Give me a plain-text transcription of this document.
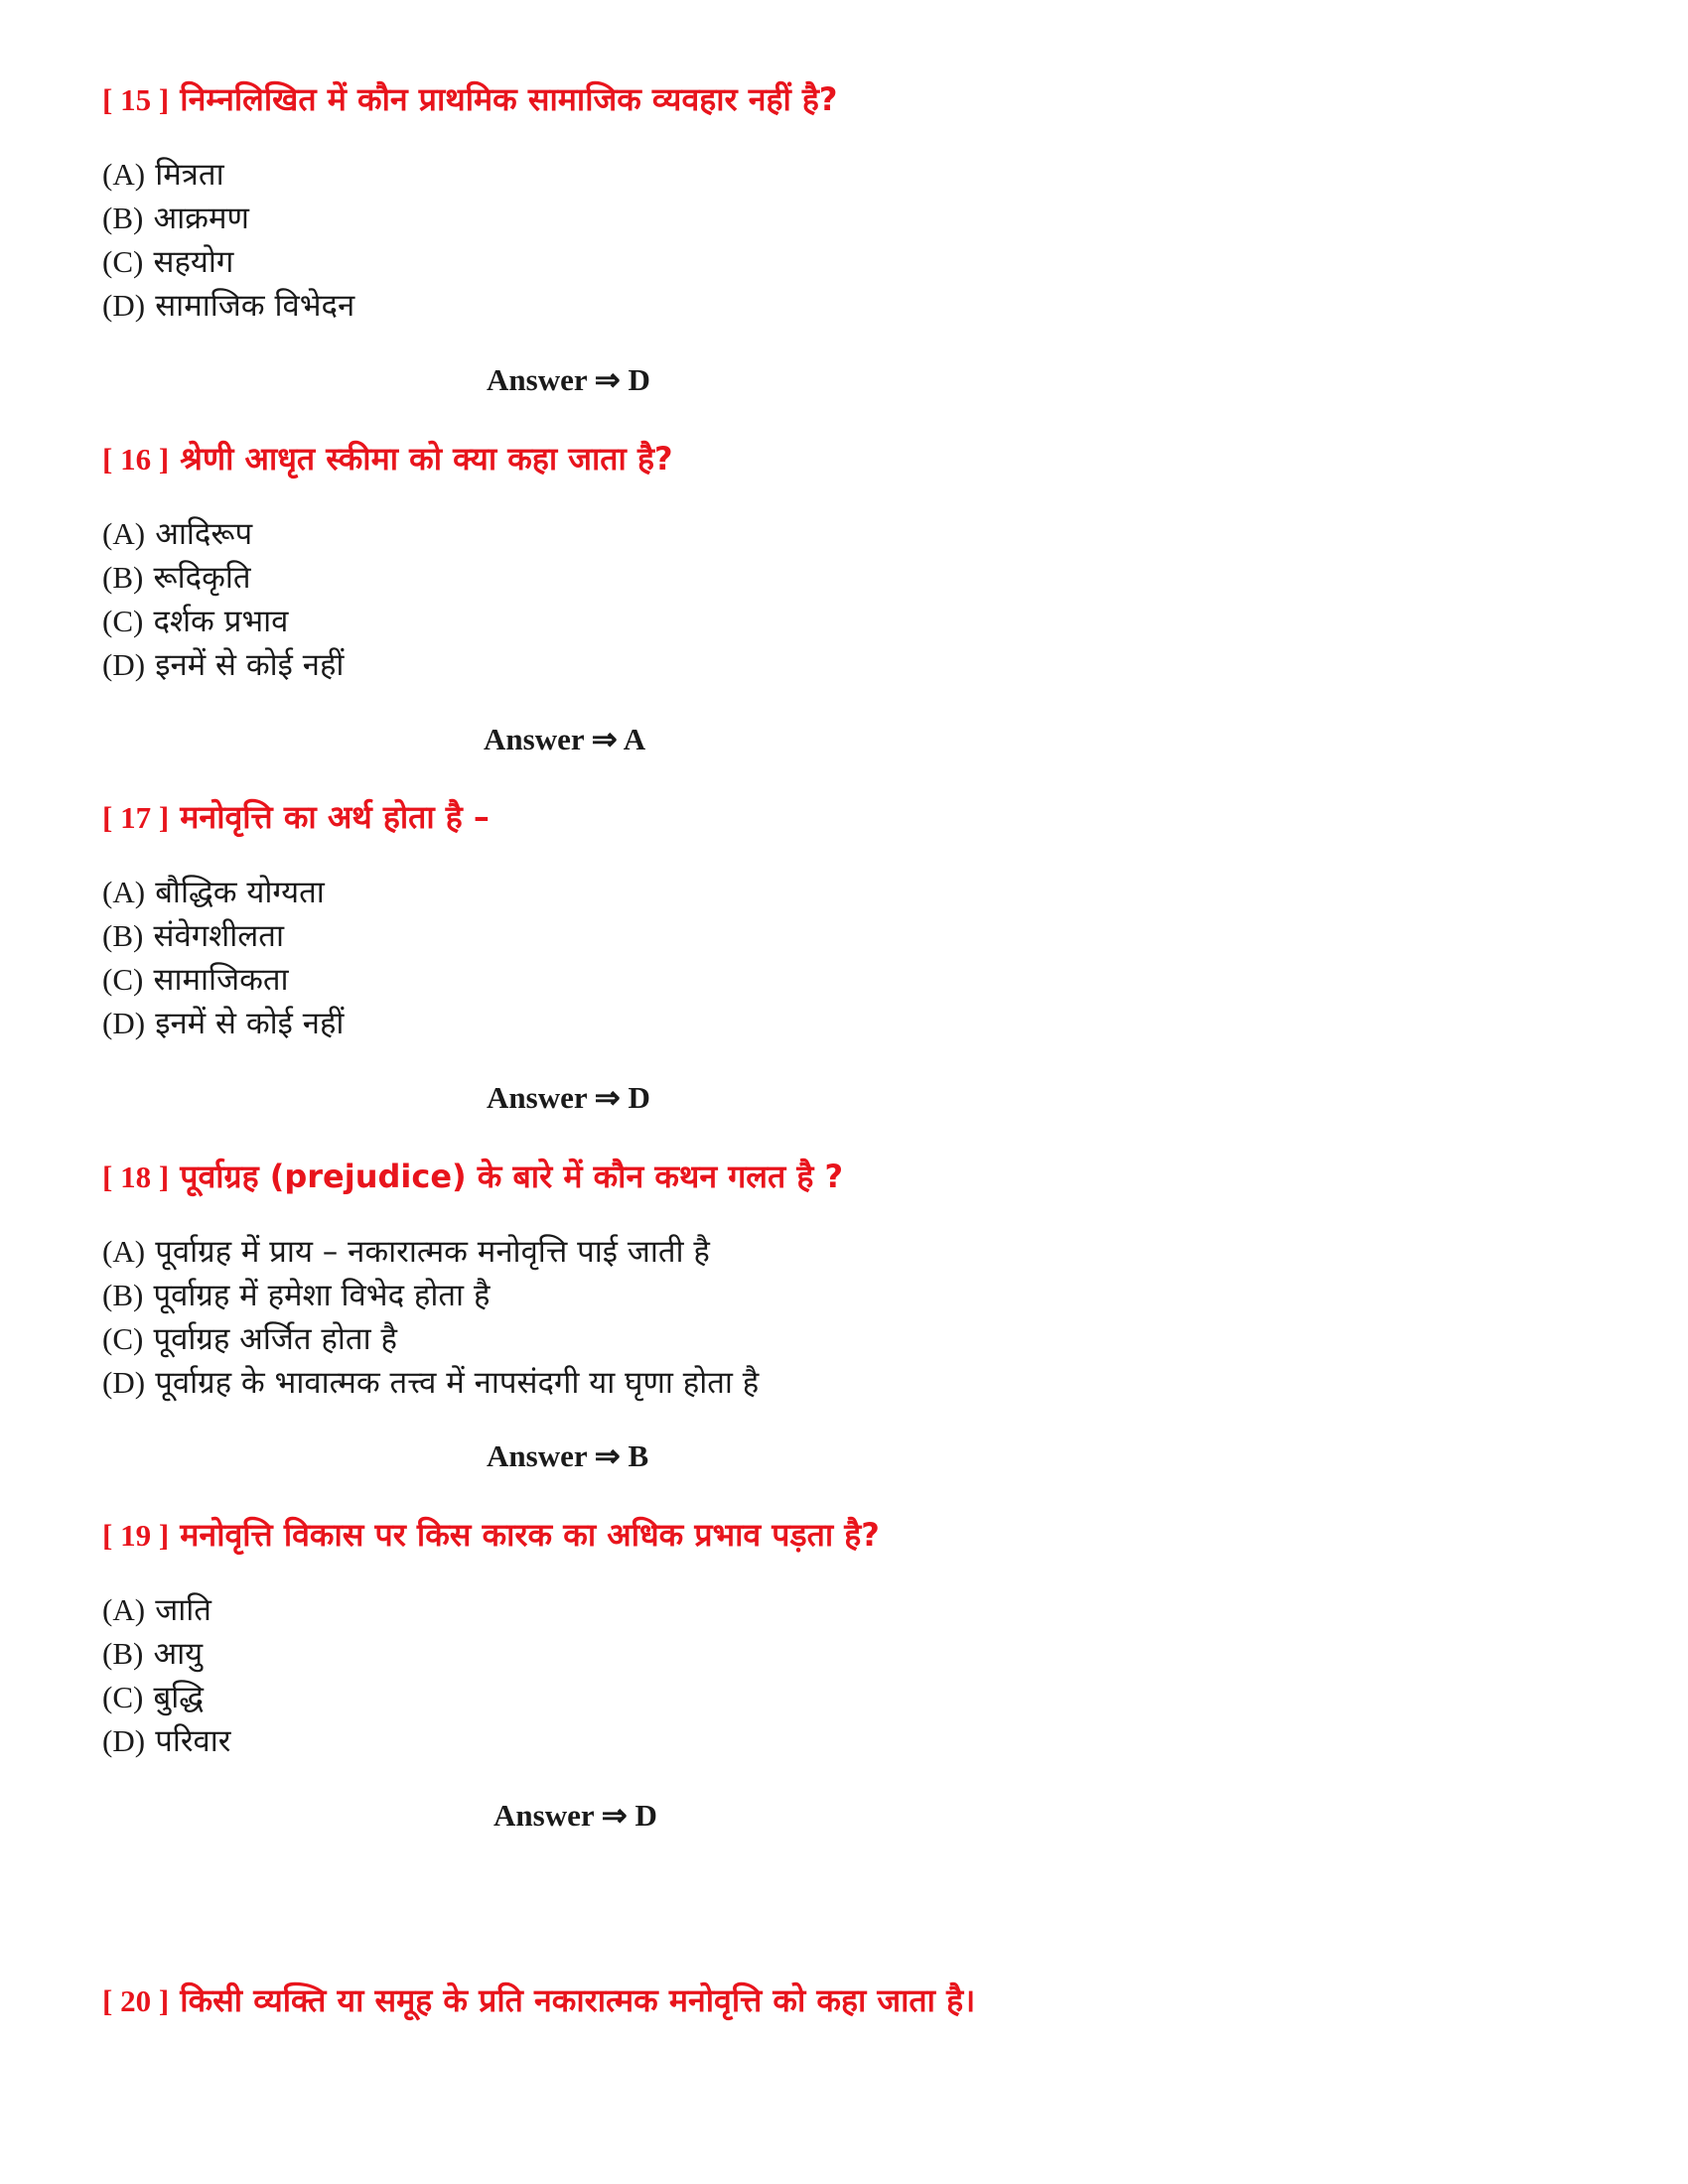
[ 15 ] निम्नलिखित में कौन प्राथमिक सामाजिक व्यवहार नहीं है?
(A) मित्रता
(B) आक्रमण
(C) सहयोग
(D) सामाजिक विभेदन
Answer ⇒ D
[ 16 ] श्रेणी आधृत स्कीमा को क्या कहा जाता है?
(A) आदिरूप
(B) रूदिकृति
(C) दर्शक प्रभाव
(D) इनमें से कोई नहीं
Answer ⇒ A
[ 17 ] मनोवृत्ति का अर्थ होता है –
(A) बौद्धिक योग्यता
(B) संवेगशीलता
(C) सामाजिकता
(D) इनमें से कोई नहीं
Answer ⇒ D
[ 18 ] पूर्वाग्रह (prejudice) के बारे में कौन कथन गलत है ?
(A) पूर्वाग्रह में प्राय – नकारात्मक मनोवृत्ति पाई जाती है
(B) पूर्वाग्रह में हमेशा विभेद होता है
(C) पूर्वाग्रह अर्जित होता है
(D) पूर्वाग्रह के भावात्मक तत्त्व में नापसंदगी या घृणा होता है
Answer ⇒ B
[ 19 ] मनोवृत्ति विकास पर किस कारक का अधिक प्रभाव पड़ता है?
(A) जाति
(B) आयु
(C) बुद्धि
(D) परिवार
Answer ⇒ D
[ 20 ] किसी व्यक्ति या समूह के प्रति नकारात्मक मनोवृत्ति को कहा जाता है।
